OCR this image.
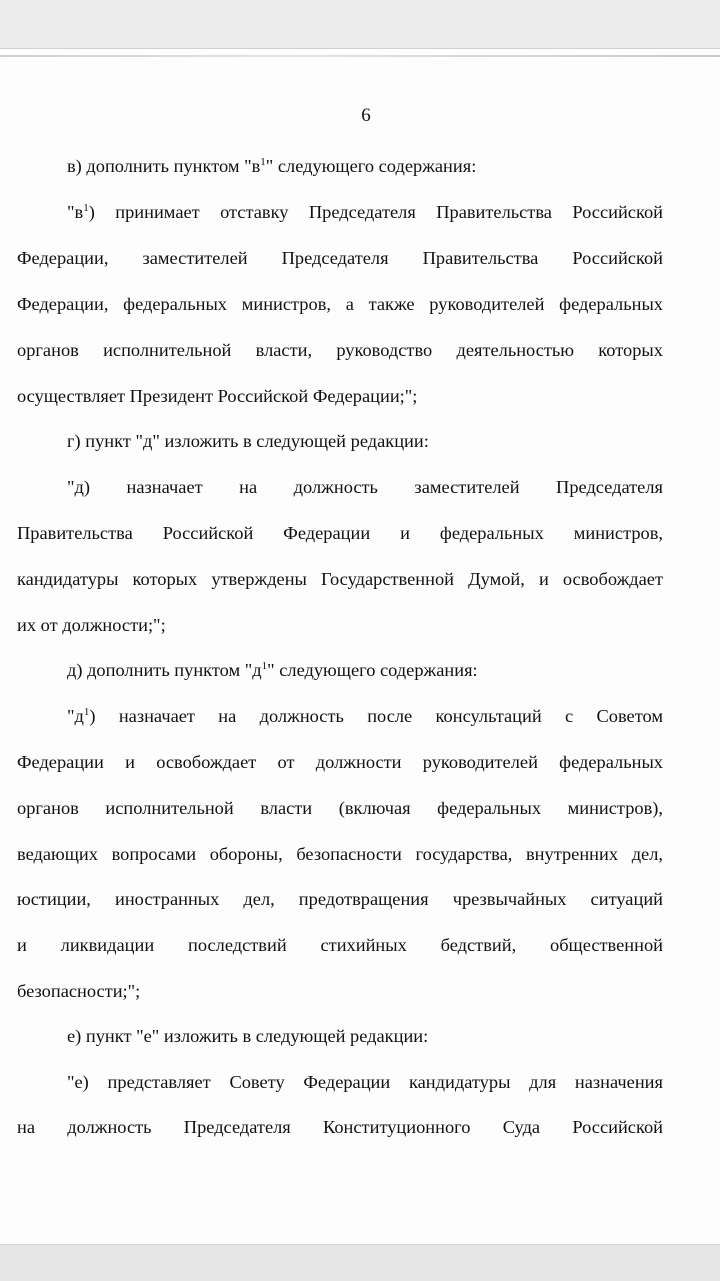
6
в) дополнить пунктом "$в^1$" следующего содержания:
"$в^1$) принимает отставку Председателя Правительства Российской
Федерации, заместителей Председателя Правительства Российской
Федерации, федеральных министров, а также руководителей федеральных
органов исполнительной власти, руководство деятельностью которых
осуществляет Президент Российской Федерации;";
г) пункт "д" изложить в следующей редакции:
"д) назначает на должность заместителей Председателя
Правительства Российской Федерации и федеральных министров,
кандидатуры которых утверждены Государственной Думой, и освобождает
их от должности;";
д) дополнить пунктом "$д^1$" следующего содержания:
"$д^1$) назначает на должность после консультаций с Советом
Федерации и освобождает от должности руководителей федеральных
органов исполнительной власти (включая федеральных министров),
ведающих вопросами обороны, безопасности государства, внутренних дел,
юстиции, иностранных дел, предотвращения чрезвычайных ситуаций
и ликвидации последствий стихийных бедствий, общественной
безопасности;";
е) пункт "е" изложить в следующей редакции:
"е) представляет Совету Федерации кандидатуры для назначения
на должность Председателя Конституционного Суда Российской
